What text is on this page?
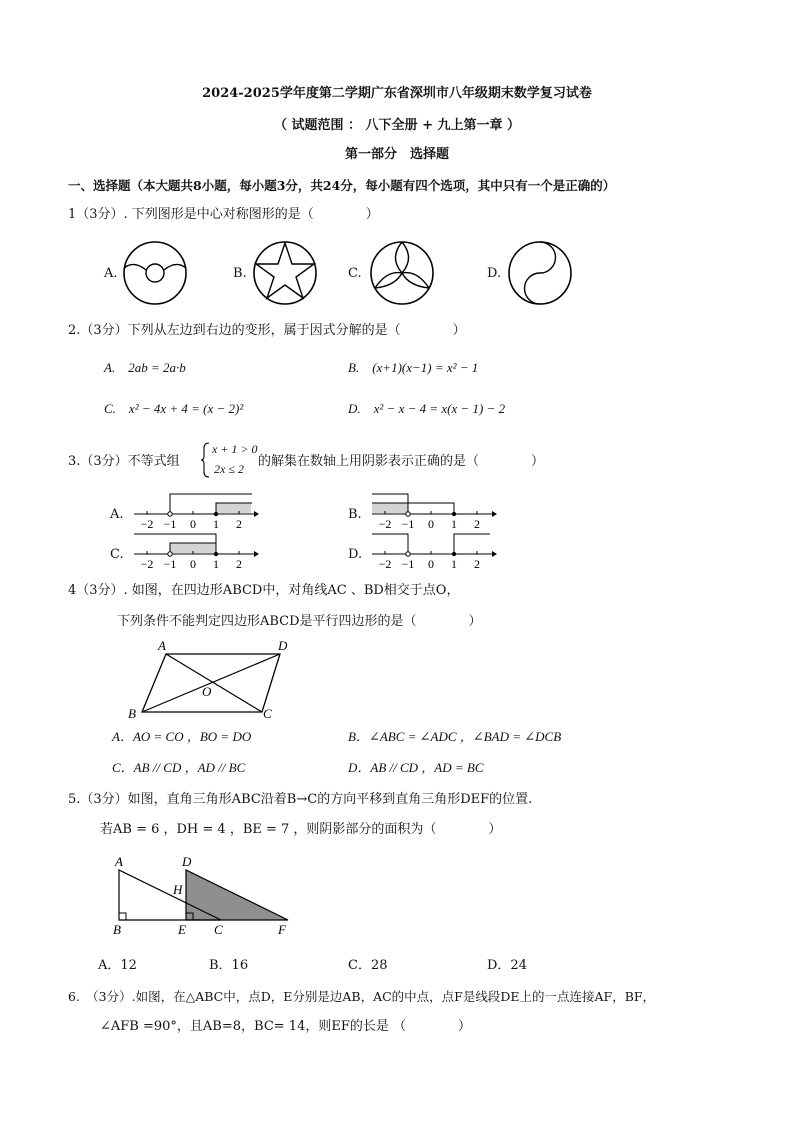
2024-2025学年度第二学期广东省深圳市八年级期末数学复习试卷
（ 试题范围 ： 八下全册 + 九上第一章 ）
第一部分　选择题
一、选择题（本大题共8小题，每小题3分，共24分，每小题有四个选项，其中只有一个是正确的）
1（3分）. 下列图形是中心对称图形的是（　　　　）
A.	B.	C.	D.
2.（3分）下列从左边到右边的变形，属于因式分解的是（　　　　）
A.　2ab = 2a·b	B.　(x+1)(x−1) = x² − 1
C.　x² − 4x + 4 = (x − 2)²	D.　x² − x − 4 = x(x − 1) − 2
3.（3分）不等式组
x + 1 > 0
2x ≤ 2 的解集在数轴上用阴影表示正确的是（　　　　）
A.	B.
C.	D.
−2 −1 0 1 2	−2 −1 0 1 2
−2 −1 0 1 2	−2 −1 0 1 2
4（3分）. 如图，在四边形ABCD中，对角线AC 、BD相交于点O，
下列条件不能判定四边形ABCD是平行四边形的是（　　　　）
A	D
B	C
O
A．AO = CO ，BO = DO	B．∠ABC = ∠ADC ，∠BAD = ∠DCB
C．AB // CD ，AD // BC	D．AB // CD ，AD = BC
5.（3分）如图，直角三角形ABC沿着B→C的方向平移到直角三角形DEF的位置.
若AB = 6 ，DH = 4 ，BE = 7 ，则阴影部分的面积为（　　　　）
A	D
H
B	E C	F
A．12	B．16	C．28	D．24
6.　（3分）.如图，在△ABC中，点D，E分别是边AB，AC的中点，点F是线段DE上的一点连接AF，BF，
∠AFB =90°，且AB=8，BC= 14，则EF的长是 （　　　　）
